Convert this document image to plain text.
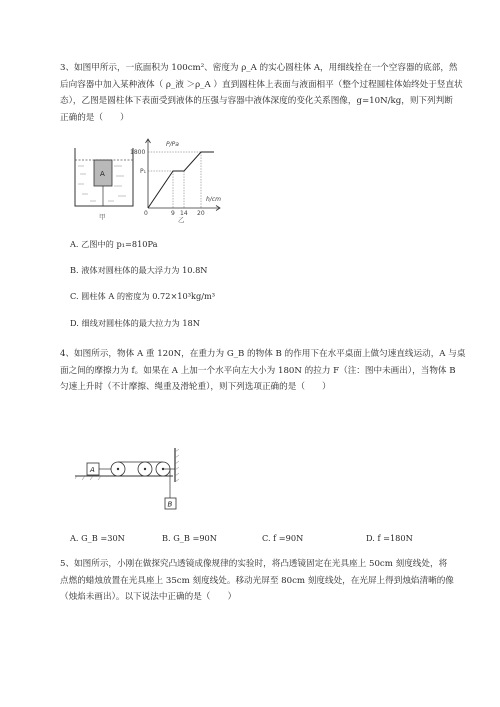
3、如图甲所示，一底面积为 100cm²、密度为 ρ_A 的实心圆柱体 A，用细线拴在一个空容器的底部，然
后向容器中加入某种液体（ ρ_液 ＞ρ_A ）直到圆柱体上表面与液面相平（整个过程圆柱体始终处于竖直状
态），乙图是圆柱体下表面受到液体的压强与容器中液体深度的变化关系图像，g=10N/kg，则下列判断
正确的是（　　）
A
甲
P/Pa
h/cm
1800
P₁
0	9 14 20
乙
A. 乙图中的 p₁=810Pa
B. 液体对圆柱体的最大浮力为 10.8N
C. 圆柱体 A 的密度为 0.72×10³kg/m³
D. 细线对圆柱体的最大拉力为 18N
4、如图所示，物体 A 重 120N，在重力为 G_B 的物体 B 的作用下在水平桌面上做匀速直线运动，A 与桌
面之间的摩擦力为 f。如果在 A 上加一个水平向左大小为 180N 的拉力 F（注：图中未画出），当物体 B
匀速上升时（不计摩擦、绳重及滑轮重），则下列选项正确的是（　　）
A
B
A. G_B =30N	B. G_B =90N	C. f =90N	D. f =180N
5、如图所示，小刚在做探究凸透镜成像规律的实验时，将凸透镜固定在光具座上 50cm 刻度线处，将
点燃的蜡烛放置在光具座上 35cm 刻度线处。移动光屏至 80cm 刻度线处，在光屏上得到烛焰清晰的像
（烛焰未画出）。以下说法中正确的是（　　）
